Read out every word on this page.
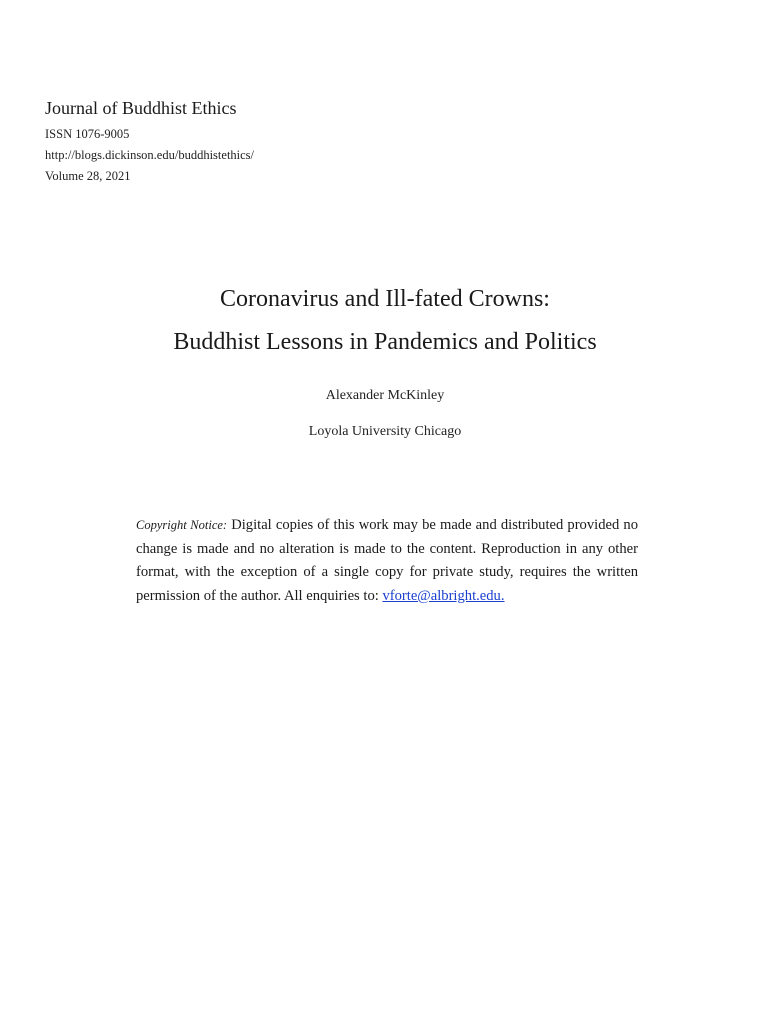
Journal of Buddhist Ethics
ISSN 1076-9005
http://blogs.dickinson.edu/buddhistethics/
Volume 28, 2021
Coronavirus and Ill-fated Crowns:
Buddhist Lessons in Pandemics and Politics
Alexander McKinley
Loyola University Chicago
Copyright Notice: Digital copies of this work may be made and distributed provided no change is made and no alteration is made to the content. Reproduction in any other format, with the exception of a single copy for private study, requires the written permission of the author. All enquiries to: vforte@albright.edu.
